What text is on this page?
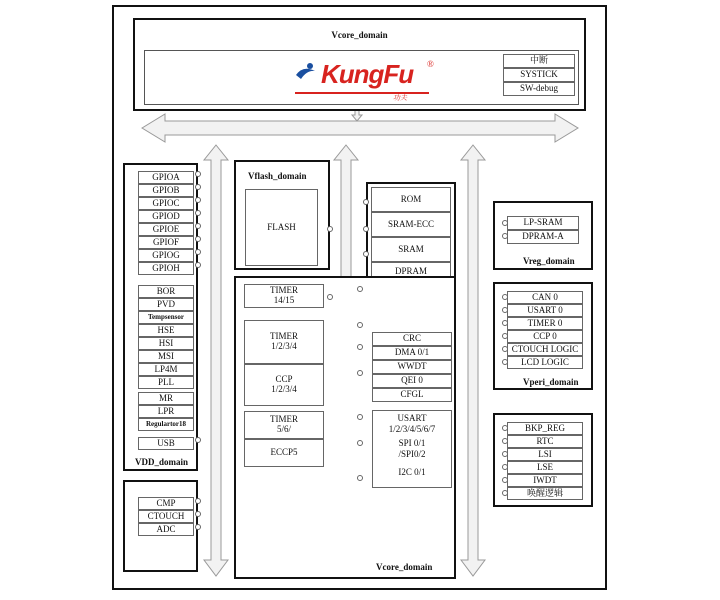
Vcore_domain
KungFu ®
功夫
中断
SYSTICK
SW-debug
GPIOA
GPIOB
GPIOC
GPIOD
GPIOE
GPIOF
GPIOG
GPIOH
BOR
PVD
Tempsensor
HSE
HSI
MSI
LP4M
PLL
MR
LPR
Regulartor18
USB
VDD_domain
CMP
CTOUCH
ADC
Vflash_domain
FLASH
ROM
SRAM-ECC
SRAM
DPRAM
TIMER
14/15
TIMER
1/2/3/4
CCP
1/2/3/4
TIMER
5/6/
ECCP5
CRC
DMA 0/1
WWDT
QEI 0
CFGL
USART
1/2/3/4/5/6/7
SPI 0/1
/SPI0/2
I2C 0/1
Vcore_domain
LP-SRAM
DPRAM-A
Vreg_domain
CAN 0
USART 0
TIMER 0
CCP 0
CTOUCH LOGIC
LCD LOGIC
Vperi_domain
BKP_REG
RTC
LSI
LSE
IWDT
唤醒逻辑
